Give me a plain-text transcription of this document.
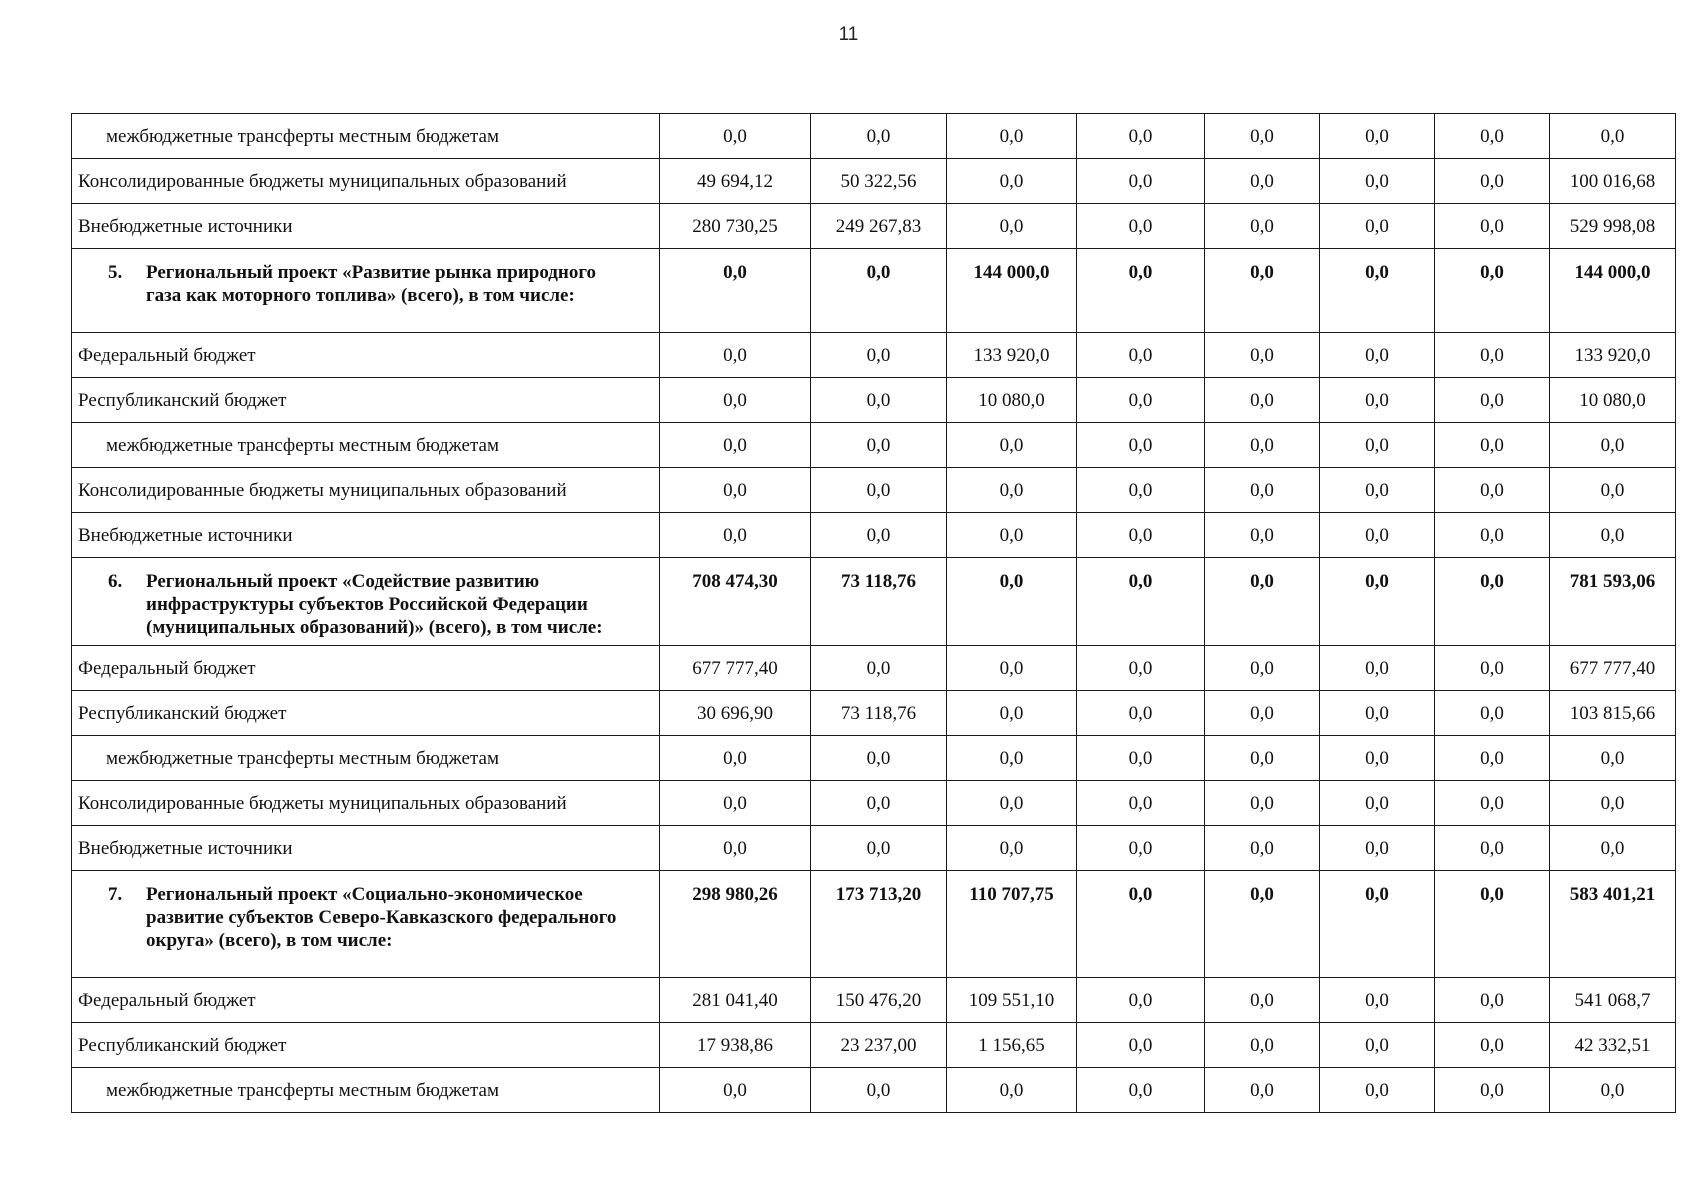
11
межбюджетные трансферты местным бюджетам	0,0	0,0	0,0	0,0	0,0	0,0	0,0	0,0
Консолидированные бюджеты муниципальных образований	49 694,12	50 322,56	0,0	0,0	0,0	0,0	0,0	100 016,68
Внебюджетные источники	280 730,25	249 267,83	0,0	0,0	0,0	0,0	0,0	529 998,08
5. Региональный проект «Развитие рынка природного газа как моторного топлива» (всего), в том числе:	0,0	0,0	144 000,0	0,0	0,0	0,0	0,0	144 000,0
Федеральный бюджет	0,0	0,0	133 920,0	0,0	0,0	0,0	0,0	133 920,0
Республиканский бюджет	0,0	0,0	10 080,0	0,0	0,0	0,0	0,0	10 080,0
межбюджетные трансферты местным бюджетам	0,0	0,0	0,0	0,0	0,0	0,0	0,0	0,0
Консолидированные бюджеты муниципальных образований	0,0	0,0	0,0	0,0	0,0	0,0	0,0	0,0
Внебюджетные источники	0,0	0,0	0,0	0,0	0,0	0,0	0,0	0,0
6. Региональный проект «Содействие развитию инфраструктуры субъектов Российской Федерации (муниципальных образований)» (всего), в том числе:	708 474,30	73 118,76	0,0	0,0	0,0	0,0	0,0	781 593,06
Федеральный бюджет	677 777,40	0,0	0,0	0,0	0,0	0,0	0,0	677 777,40
Республиканский бюджет	30 696,90	73 118,76	0,0	0,0	0,0	0,0	0,0	103 815,66
межбюджетные трансферты местным бюджетам	0,0	0,0	0,0	0,0	0,0	0,0	0,0	0,0
Консолидированные бюджеты муниципальных образований	0,0	0,0	0,0	0,0	0,0	0,0	0,0	0,0
Внебюджетные источники	0,0	0,0	0,0	0,0	0,0	0,0	0,0	0,0
7. Региональный проект «Социально-экономическое развитие субъектов Северо-Кавказского федерального округа» (всего), в том числе:	298 980,26	173 713,20	110 707,75	0,0	0,0	0,0	0,0	583 401,21
Федеральный бюджет	281 041,40	150 476,20	109 551,10	0,0	0,0	0,0	0,0	541 068,7
Республиканский бюджет	17 938,86	23 237,00	1 156,65	0,0	0,0	0,0	0,0	42 332,51
межбюджетные трансферты местным бюджетам	0,0	0,0	0,0	0,0	0,0	0,0	0,0	0,0
